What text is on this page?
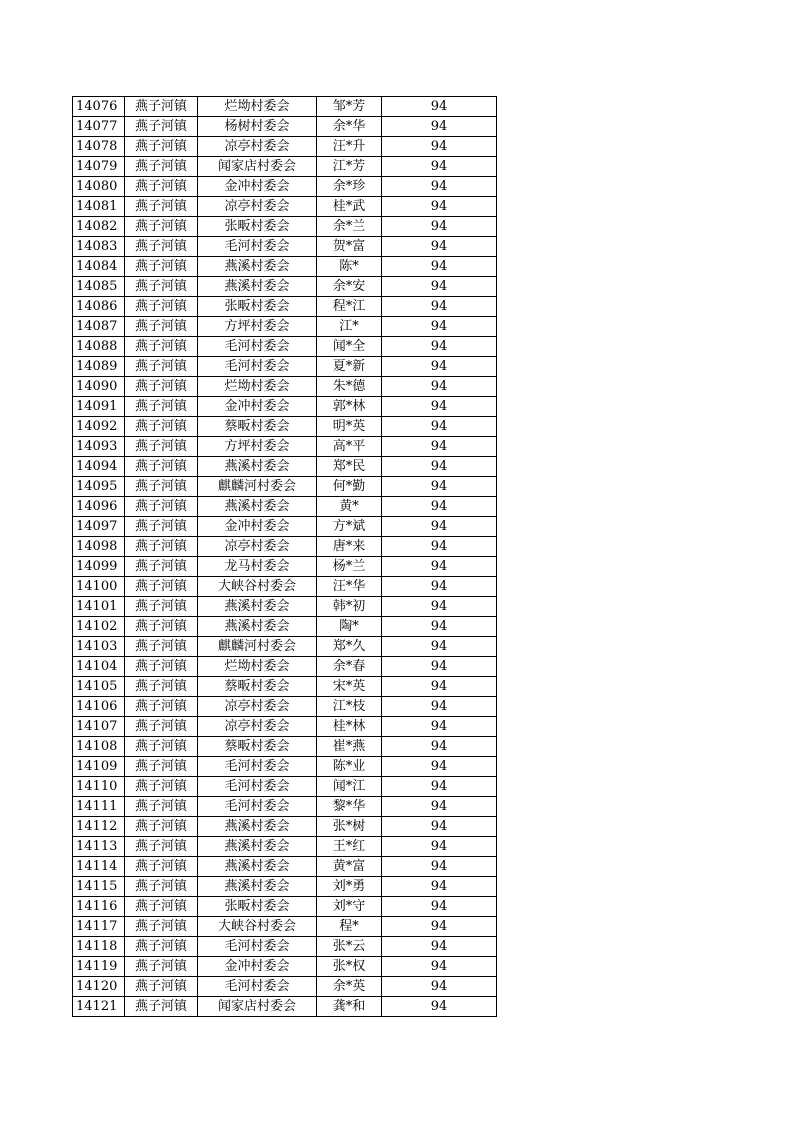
14076	燕子河镇	烂坳村委会	邹*芳	94
14077	燕子河镇	杨树村委会	余*华	94
14078	燕子河镇	凉亭村委会	汪*升	94
14079	燕子河镇	闻家店村委会	江*芳	94
14080	燕子河镇	金冲村委会	余*珍	94
14081	燕子河镇	凉亭村委会	桂*武	94
14082	燕子河镇	张畈村委会	余*兰	94
14083	燕子河镇	毛河村委会	贺*富	94
14084	燕子河镇	燕溪村委会	陈*	94
14085	燕子河镇	燕溪村委会	余*安	94
14086	燕子河镇	张畈村委会	程*江	94
14087	燕子河镇	方坪村委会	江*	94
14088	燕子河镇	毛河村委会	闻*全	94
14089	燕子河镇	毛河村委会	夏*新	94
14090	燕子河镇	烂坳村委会	朱*德	94
14091	燕子河镇	金冲村委会	郭*林	94
14092	燕子河镇	蔡畈村委会	明*英	94
14093	燕子河镇	方坪村委会	高*平	94
14094	燕子河镇	燕溪村委会	郑*民	94
14095	燕子河镇	麒麟河村委会	何*勤	94
14096	燕子河镇	燕溪村委会	黄*	94
14097	燕子河镇	金冲村委会	方*斌	94
14098	燕子河镇	凉亭村委会	唐*来	94
14099	燕子河镇	龙马村委会	杨*兰	94
14100	燕子河镇	大峡谷村委会	汪*华	94
14101	燕子河镇	燕溪村委会	韩*初	94
14102	燕子河镇	燕溪村委会	陶*	94
14103	燕子河镇	麒麟河村委会	郑*久	94
14104	燕子河镇	烂坳村委会	余*春	94
14105	燕子河镇	蔡畈村委会	宋*英	94
14106	燕子河镇	凉亭村委会	江*枝	94
14107	燕子河镇	凉亭村委会	桂*林	94
14108	燕子河镇	蔡畈村委会	崔*燕	94
14109	燕子河镇	毛河村委会	陈*业	94
14110	燕子河镇	毛河村委会	闻*江	94
14111	燕子河镇	毛河村委会	黎*华	94
14112	燕子河镇	燕溪村委会	张*树	94
14113	燕子河镇	燕溪村委会	王*红	94
14114	燕子河镇	燕溪村委会	黄*富	94
14115	燕子河镇	燕溪村委会	刘*勇	94
14116	燕子河镇	张畈村委会	刘*守	94
14117	燕子河镇	大峡谷村委会	程*	94
14118	燕子河镇	毛河村委会	张*云	94
14119	燕子河镇	金冲村委会	张*权	94
14120	燕子河镇	毛河村委会	余*英	94
14121	燕子河镇	闻家店村委会	龚*和	94
